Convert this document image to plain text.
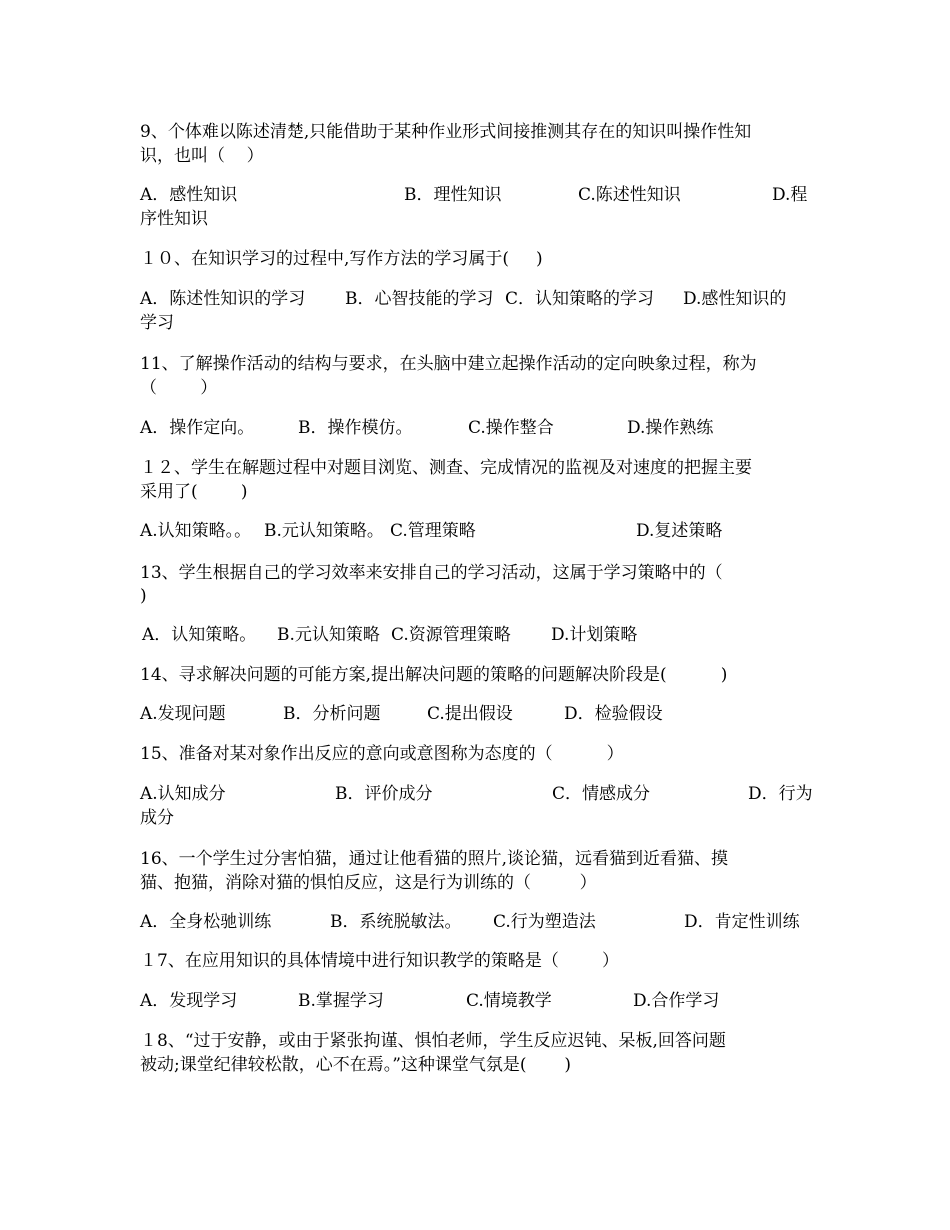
9、个体难以陈述清楚,只能借助于某种作业形式间接推测其存在的知识叫操作性知
识，也叫（    ）
A．感性知识	B．理性知识	C.陈述性知识	D.程
序性知识
１０、在知识学习的过程中,写作方法的学习属于(     )
A．陈述性知识的学习 B．心智技能的学习 C．认知策略的学习 D.感性知识的
学习
11、了解操作活动的结构与要求，在头脑中建立起操作活动的定向映象过程，称为
（        ）
A．操作定向。	B．操作模仿。	C.操作整合	D.操作熟练
１２、学生在解题过程中对题目浏览、测查、完成情况的监视及对速度的把握主要
采用了(        )
A.认知策略。。 B.元认知策略。 C.管理策略	D.复述策略
13、学生根据自己的学习效率来安排自己的学习活动，这属于学习策略中的（
)
A．认知策略。 B.元认知策略 C.资源管理策略 D.计划策略
14、寻求解决问题的可能方案,提出解决问题的策略的问题解决阶段是(          )
A.发现问题	B．分析问题	C.提出假设	D．检验假设
15、准备对某对象作出反应的意向或意图称为态度的（          ）
A.认知成分	B．评价成分	C．情感成分	D．行为
成分
16、一个学生过分害怕猫，通过让他看猫的照片,谈论猫，远看猫到近看猫、摸
猫、抱猫，消除对猫的惧怕反应，这是行为训练的（         ）
A．全身松驰训练	B．系统脱敏法。 C.行为塑造法	D．肯定性训练
１7、在应用知识的具体情境中进行知识教学的策略是（        ）
A．发现学习	B.掌握学习	C.情境教学	D.合作学习
１8、“过于安静，或由于紧张拘谨、惧怕老师，学生反应迟钝、呆板,回答问题
被动;课堂纪律较松散，心不在焉。”这种课堂气氛是(       )
